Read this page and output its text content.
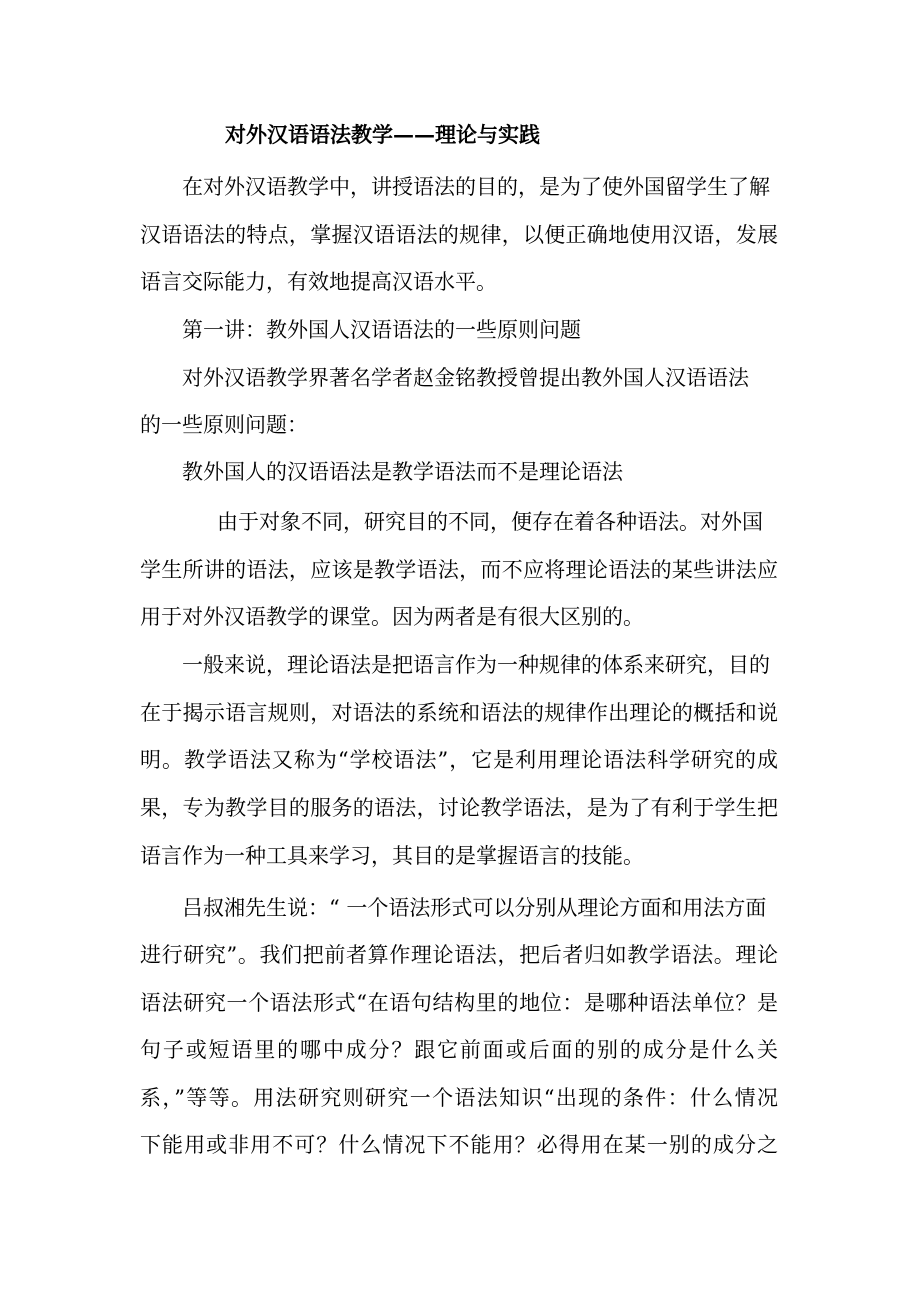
对外汉语语法教学——理论与实践
在对外汉语教学中，讲授语法的目的，是为了使外国留学生了解
汉语语法的特点，掌握汉语语法的规律，以便正确地使用汉语，发展
语言交际能力，有效地提高汉语水平。
第一讲：教外国人汉语语法的一些原则问题
对外汉语教学界著名学者赵金铭教授曾提出教外国人汉语语法
的一些原则问题：
教外国人的汉语语法是教学语法而不是理论语法
由于对象不同，研究目的不同，便存在着各种语法。对外国
学生所讲的语法，应该是教学语法，而不应将理论语法的某些讲法应
用于对外汉语教学的课堂。因为两者是有很大区别的。
一般来说，理论语法是把语言作为一种规律的体系来研究，目的
在于揭示语言规则，对语法的系统和语法的规律作出理论的概括和说
明。教学语法又称为“学校语法”，它是利用理论语法科学研究的成
果，专为教学目的服务的语法，讨论教学语法，是为了有利于学生把
语言作为一种工具来学习，其目的是掌握语言的技能。
吕叔湘先生说：“ 一个语法形式可以分别从理论方面和用法方面
进行研究”。我们把前者算作理论语法，把后者归如教学语法。理论
语法研究一个语法形式“在语句结构里的地位：是哪种语法单位？是
句子或短语里的哪中成分？跟它前面或后面的别的成分是什么关
系，”等等。用法研究则研究一个语法知识“出现的条件：什么情况
下能用或非用不可？什么情况下不能用？必得用在某一别的成分之
